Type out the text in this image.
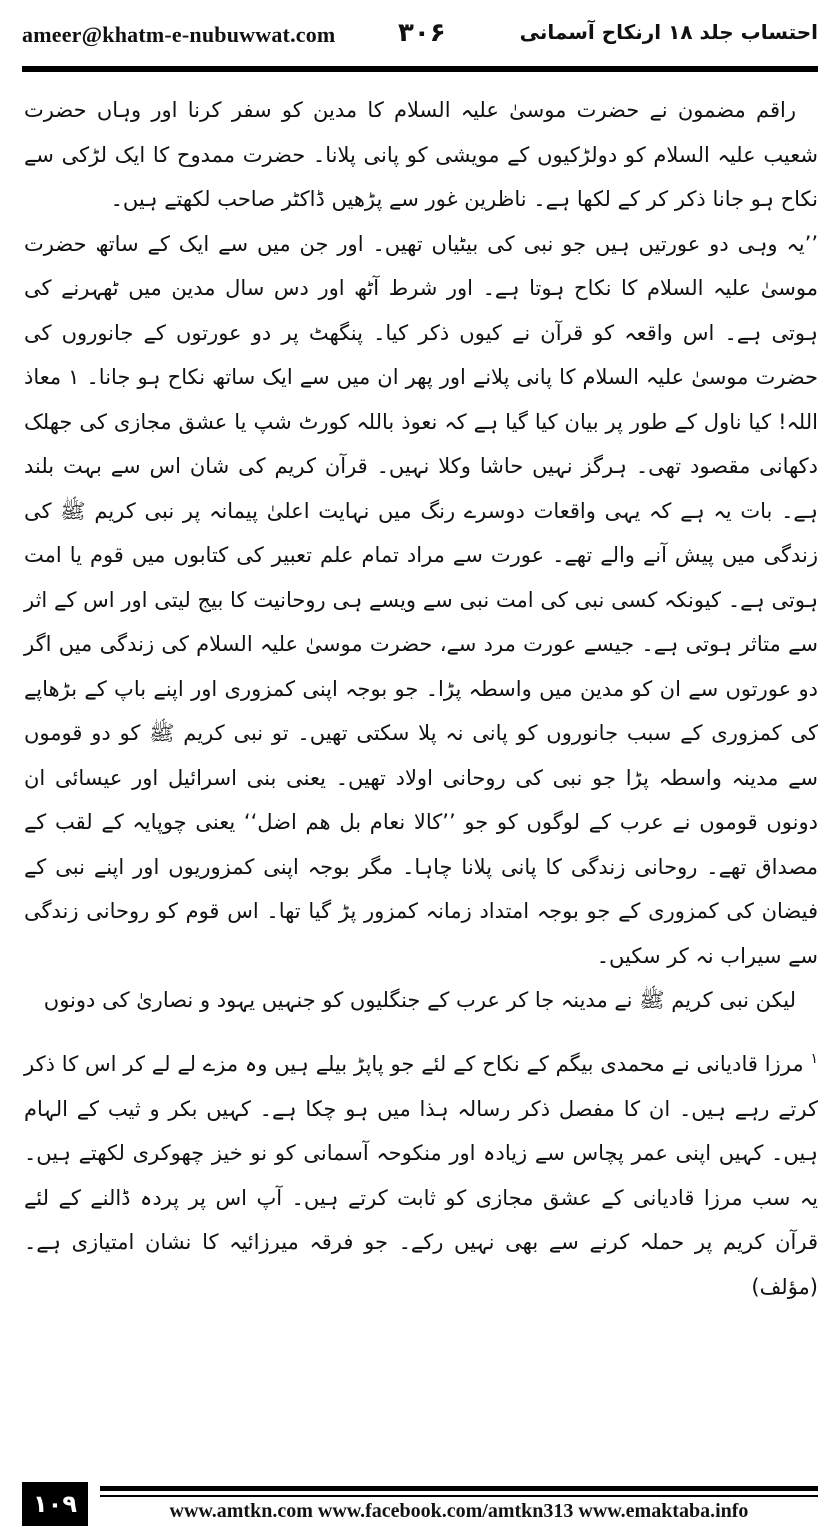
ameer@khatm-e-nubuwwat.com ۳۰۶	احتساب جلد ۱۸ ارنکاح آسمانی

راقم مضمون نے حضرت موسیٰ علیہ السلام کا مدین کو سفر کرنا اور وہاں حضرت شعیب علیہ السلام کو دولڑکیوں کے مویشی کو پانی پلانا۔ حضرت ممدوح کا ایک لڑکی سے نکاح ہو جانا ذکر کر کے لکھا ہے۔ ناظرین غور سے پڑھیں ڈاکٹر صاحب لکھتے ہیں۔

’’یہ وہی دو عورتیں ہیں جو نبی کی بیٹیاں تھیں۔ اور جن میں سے ایک کے ساتھ حضرت موسیٰ علیہ السلام کا نکاح ہوتا ہے۔ اور شرط آٹھ اور دس سال مدین میں ٹھہرنے کی ہوتی ہے۔ اس واقعہ کو قرآن نے کیوں ذکر کیا۔ پنگھٹ پر دو عورتوں کے جانوروں کی حضرت موسیٰ علیہ السلام کا پانی پلانے اور پھر ان میں سے ایک ساتھ نکاح ہو جانا۔ ۱ معاذ اللہ! کیا ناول کے طور پر بیان کیا گیا ہے کہ نعوذ باللہ کورٹ شپ یا عشق مجازی کی جھلک دکھانی مقصود تھی۔ ہرگز نہیں حاشا وکلا نہیں۔ قرآن کریم کی شان اس سے بہت بلند ہے۔ بات یہ ہے کہ یہی واقعات دوسرے رنگ میں نہایت اعلیٰ پیمانہ پر نبی کریم ﷺ کی زندگی میں پیش آنے والے تھے۔ عورت سے مراد تمام علم تعبیر کی کتابوں میں قوم یا امت ہوتی ہے۔ کیونکہ کسی نبی کی امت نبی سے ویسے ہی روحانیت کا بیج لیتی اور اس کے اثر سے متاثر ہوتی ہے۔ جیسے عورت مرد سے، حضرت موسیٰ علیہ السلام کی زندگی میں اگر دو عورتوں سے ان کو مدین میں واسطہ پڑا۔ جو بوجہ اپنی کمزوری اور اپنے باپ کے بڑھاپے کی کمزوری کے سبب جانوروں کو پانی نہ پلا سکتی تھیں۔ تو نبی کریم ﷺ کو دو قوموں سے مدینہ واسطہ پڑا جو نبی کی روحانی اولاد تھیں۔ یعنی بنی اسرائیل اور عیسائی ان دونوں قوموں نے عرب کے لوگوں کو جو ’’کالا نعام بل ھم اضل‘‘ یعنی چوپایہ کے لقب کے مصداق تھے۔ روحانی زندگی کا پانی پلانا چاہا۔ مگر بوجہ اپنی کمزوریوں اور اپنے نبی کے فیضان کی کمزوری کے جو بوجہ امتداد زمانہ کمزور پڑ گیا تھا۔ اس قوم کو روحانی زندگی سے سیراب نہ کر سکیں۔

لیکن نبی کریم ﷺ نے مدینہ جا کر عرب کے جنگلیوں کو جنہیں یہود و نصاریٰ کی دونوں

$^۱$ مرزا قادیانی نے محمدی بیگم کے نکاح کے لئے جو پاپڑ بیلے ہیں وہ مزے لے لے کر اس کا ذکر کرتے رہے ہیں۔ ان کا مفصل ذکر رسالہ ہذا میں ہو چکا ہے۔ کہیں بکر و ثیب کے الہام ہیں۔ کہیں اپنی عمر پچاس سے زیادہ اور منکوحہ آسمانی کو نو خیز چھوکری لکھتے ہیں۔ یہ سب مرزا قادیانی کے عشق مجازی کو ثابت کرتے ہیں۔ آپ اس پر پردہ ڈالنے کے لئے قرآن کریم پر حملہ کرنے سے بھی نہیں رکے۔ جو فرقہ میرزائیہ کا نشان امتیازی ہے۔ (مؤلف)
۱۰۹	www.amtkn.com www.facebook.com/amtkn313 www.emaktaba.info
